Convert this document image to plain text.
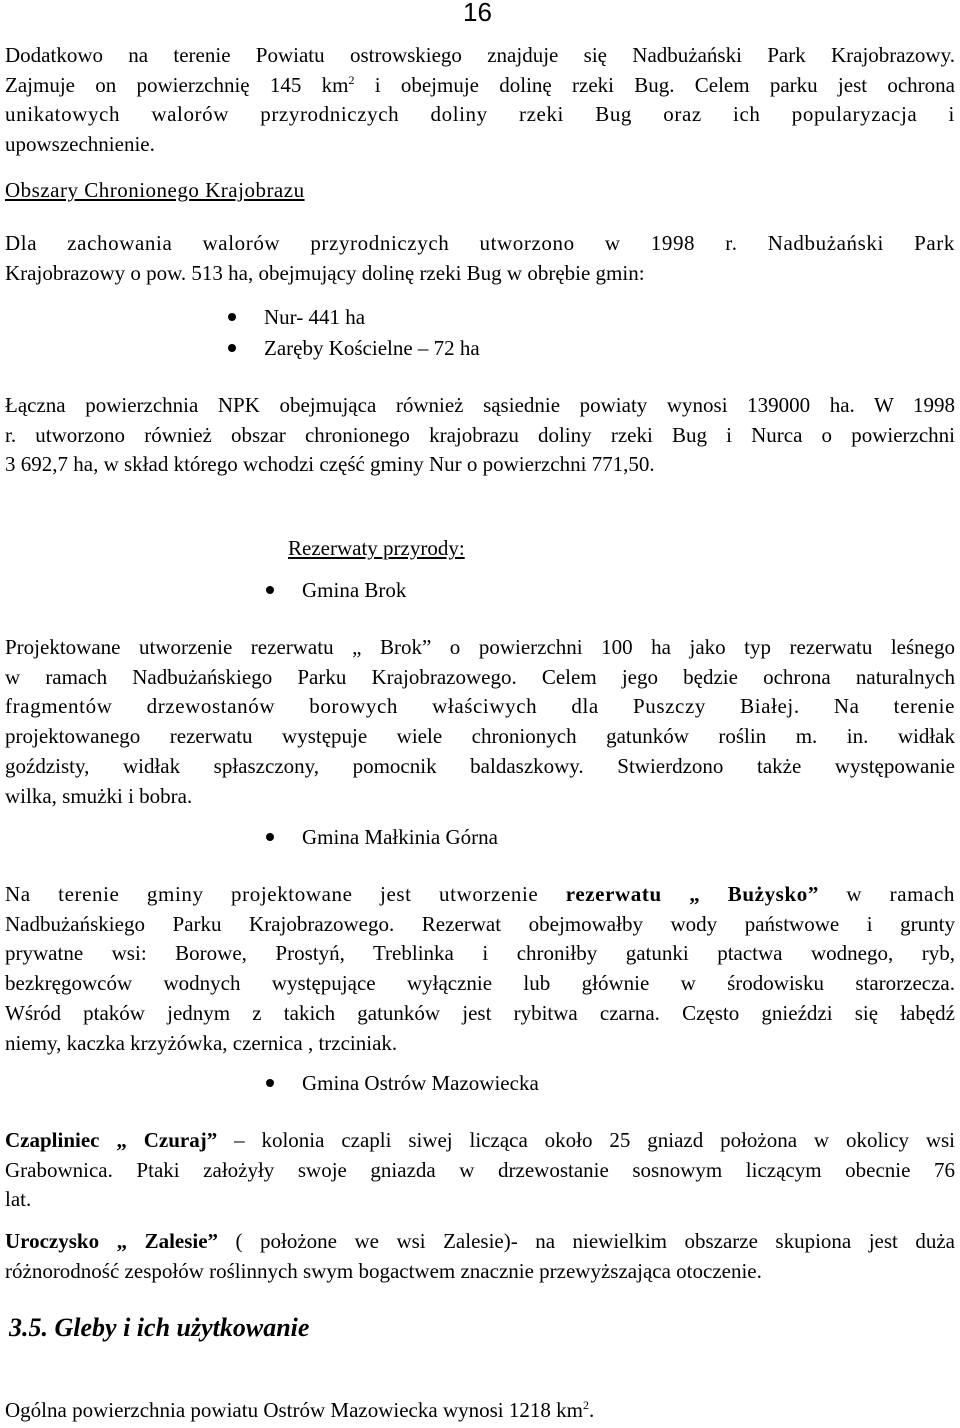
16
Dodatkowo na terenie Powiatu ostrowskiego znajduje się Nadbużański Park Krajobrazowy.
Zajmuje on powierzchnię 145 $km^2$ i obejmuje dolinę rzeki Bug. Celem parku jest ochrona
unikatowych walorów przyrodniczych doliny rzeki Bug oraz ich popularyzacja i
upowszechnienie.
Obszary Chronionego Krajobrazu
Dla zachowania walorów przyrodniczych utworzono w 1998 r. Nadbużański Park
Krajobrazowy o pow. 513 ha, obejmujący dolinę rzeki Bug w obrębie gmin:
Nur- 441 ha
Zaręby Kościelne – 72 ha
Łączna powierzchnia NPK obejmująca również sąsiednie powiaty wynosi 139000 ha. W 1998
r. utworzono również obszar chronionego krajobrazu doliny rzeki Bug i Nurca o powierzchni
3 692,7 ha, w skład którego wchodzi część gminy Nur o powierzchni 771,50.
Rezerwaty przyrody:
Gmina Brok
Projektowane utworzenie rezerwatu „ Brok” o powierzchni 100 ha jako typ rezerwatu leśnego
w ramach Nadbużańskiego Parku Krajobrazowego. Celem jego będzie ochrona naturalnych
fragmentów drzewostanów borowych właściwych dla Puszczy Białej. Na terenie
projektowanego rezerwatu występuje wiele chronionych gatunków roślin m. in. widłak
goździsty, widłak spłaszczony, pomocnik baldaszkowy. Stwierdzono także występowanie
wilka, smużki i bobra.
Gmina Małkinia Górna
Na terenie gminy projektowane jest utworzenie rezerwatu „ Bużysko” w ramach
Nadbużańskiego Parku Krajobrazowego. Rezerwat obejmowałby wody państwowe i grunty
prywatne wsi: Borowe, Prostyń, Treblinka i chroniłby gatunki ptactwa wodnego, ryb,
bezkręgowców wodnych występujące wyłącznie lub głównie w środowisku starorzecza.
Wśród ptaków jednym z takich gatunków jest rybitwa czarna. Często gnieździ się łabędź
niemy, kaczka krzyżówka, czernica , trzciniak.
Gmina Ostrów Mazowiecka
Czapliniec „ Czuraj” – kolonia czapli siwej licząca około 25 gniazd położona w okolicy wsi
Grabownica. Ptaki założyły swoje gniazda w drzewostanie sosnowym liczącym obecnie 76
lat.
Uroczysko „ Zalesie” ( położone we wsi Zalesie)- na niewielkim obszarze skupiona jest duża
różnorodność zespołów roślinnych swym bogactwem znacznie przewyższająca otoczenie.
3.5. Gleby i ich użytkowanie
Ogólna powierzchnia powiatu Ostrów Mazowiecka wynosi 1218 $km^2$.
